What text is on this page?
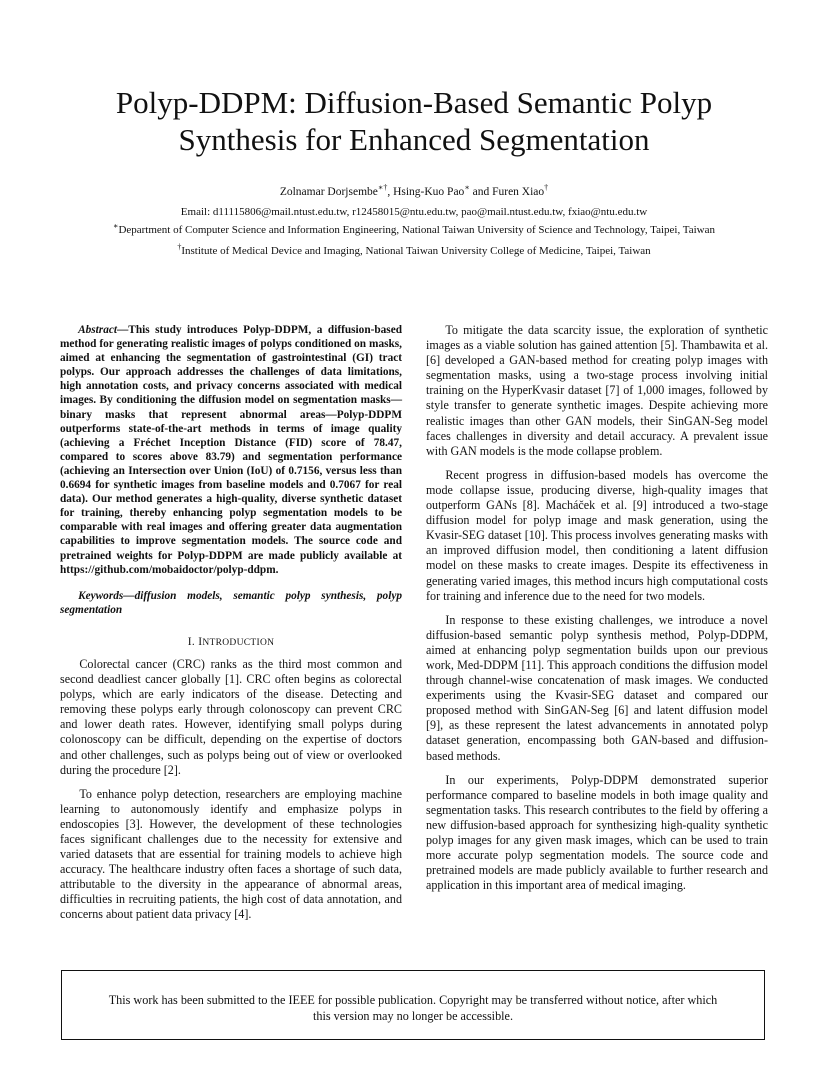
Polyp-DDPM: Diffusion-Based Semantic Polyp
Synthesis for Enhanced Segmentation
Zolnamar Dorjsembe∗†, Hsing-Kuo Pao∗ and Furen Xiao†
Email: d11115806@mail.ntust.edu.tw, r12458015@ntu.edu.tw, pao@mail.ntust.edu.tw, fxiao@ntu.edu.tw
∗Department of Computer Science and Information Engineering, National Taiwan University of Science and Technology, Taipei, Taiwan
†Institute of Medical Device and Imaging, National Taiwan University College of Medicine, Taipei, Taiwan
Abstract—This study introduces Polyp-DDPM, a diffusion-based method for generating realistic images of polyps conditioned on masks, aimed at enhancing the segmentation of gastrointestinal (GI) tract polyps. Our approach addresses the challenges of data limitations, high annotation costs, and privacy concerns associated with medical images. By conditioning the diffusion model on segmentation masks—binary masks that represent abnormal areas—Polyp-DDPM outperforms state-of-the-art methods in terms of image quality (achieving a Fréchet Inception Distance (FID) score of 78.47, compared to scores above 83.79) and segmentation performance (achieving an Intersection over Union (IoU) of 0.7156, versus less than 0.6694 for synthetic images from baseline models and 0.7067 for real data). Our method generates a high-quality, diverse synthetic dataset for training, thereby enhancing polyp segmentation models to be comparable with real images and offering greater data augmentation capabilities to improve segmentation models. The source code and pretrained weights for Polyp-DDPM are made publicly available at https://github.com/mobaidoctor/polyp-ddpm.
Keywords—diffusion models, semantic polyp synthesis, polyp segmentation
I. INTRODUCTION

Colorectal cancer (CRC) ranks as the third most common and second deadliest cancer globally [1]. CRC often begins as colorectal polyps, which are early indicators of the disease. Detecting and removing these polyps early through colonoscopy can prevent CRC and lower death rates. However, identifying small polyps during colonoscopy can be difficult, depending on the expertise of doctors and other challenges, such as polyps being out of view or overlooked during the procedure [2].

To enhance polyp detection, researchers are employing machine learning to autonomously identify and emphasize polyps in endoscopies [3]. However, the development of these technologies faces significant challenges due to the necessity for extensive and varied datasets that are essential for training models to achieve high accuracy. The healthcare industry often faces a shortage of such data, attributable to the diversity in the appearance of abnormal areas, difficulties in recruiting patients, the high cost of data annotation, and concerns about patient data privacy [4].

To mitigate the data scarcity issue, the exploration of synthetic images as a viable solution has gained attention [5]. Thambawita et al. [6] developed a GAN-based method for creating polyp images with segmentation masks, using a two-stage process involving initial training on the HyperKvasir dataset [7] of 1,000 images, followed by style transfer to generate synthetic images. Despite achieving more realistic images than other GAN models, their SinGAN-Seg model faces challenges in diversity and detail accuracy. A prevalent issue with GAN models is the mode collapse problem.

Recent progress in diffusion-based models has overcome the mode collapse issue, producing diverse, high-quality images that outperform GANs [8]. Macháček et al. [9] introduced a two-stage diffusion model for polyp image and mask generation, using the Kvasir-SEG dataset [10]. This process involves generating masks with an improved diffusion model, then conditioning a latent diffusion model on these masks to create images. Despite its effectiveness in generating varied images, this method incurs high computational costs for training and inference due to the need for two models.

In response to these existing challenges, we introduce a novel diffusion-based semantic polyp synthesis method, Polyp-DDPM, aimed at enhancing polyp segmentation builds upon our previous work, Med-DDPM [11]. This approach conditions the diffusion model through channel-wise concatenation of mask images. We conducted experiments using the Kvasir-SEG dataset and compared our proposed method with SinGAN-Seg [6] and latent diffusion model [9], as these represent the latest advancements in annotated polyp dataset generation, encompassing both GAN-based and diffusion-based methods.

In our experiments, Polyp-DDPM demonstrated superior performance compared to baseline models in both image quality and segmentation tasks. This research contributes to the field by offering a new diffusion-based approach for synthesizing high-quality synthetic polyp images for any given mask images, which can be used to train more accurate polyp segmentation models. The source code and pretrained models are made publicly available to further research and application in this important area of medical imaging.

This work has been submitted to the IEEE for possible publication. Copyright may be transferred without notice, after which
this version may no longer be accessible.
